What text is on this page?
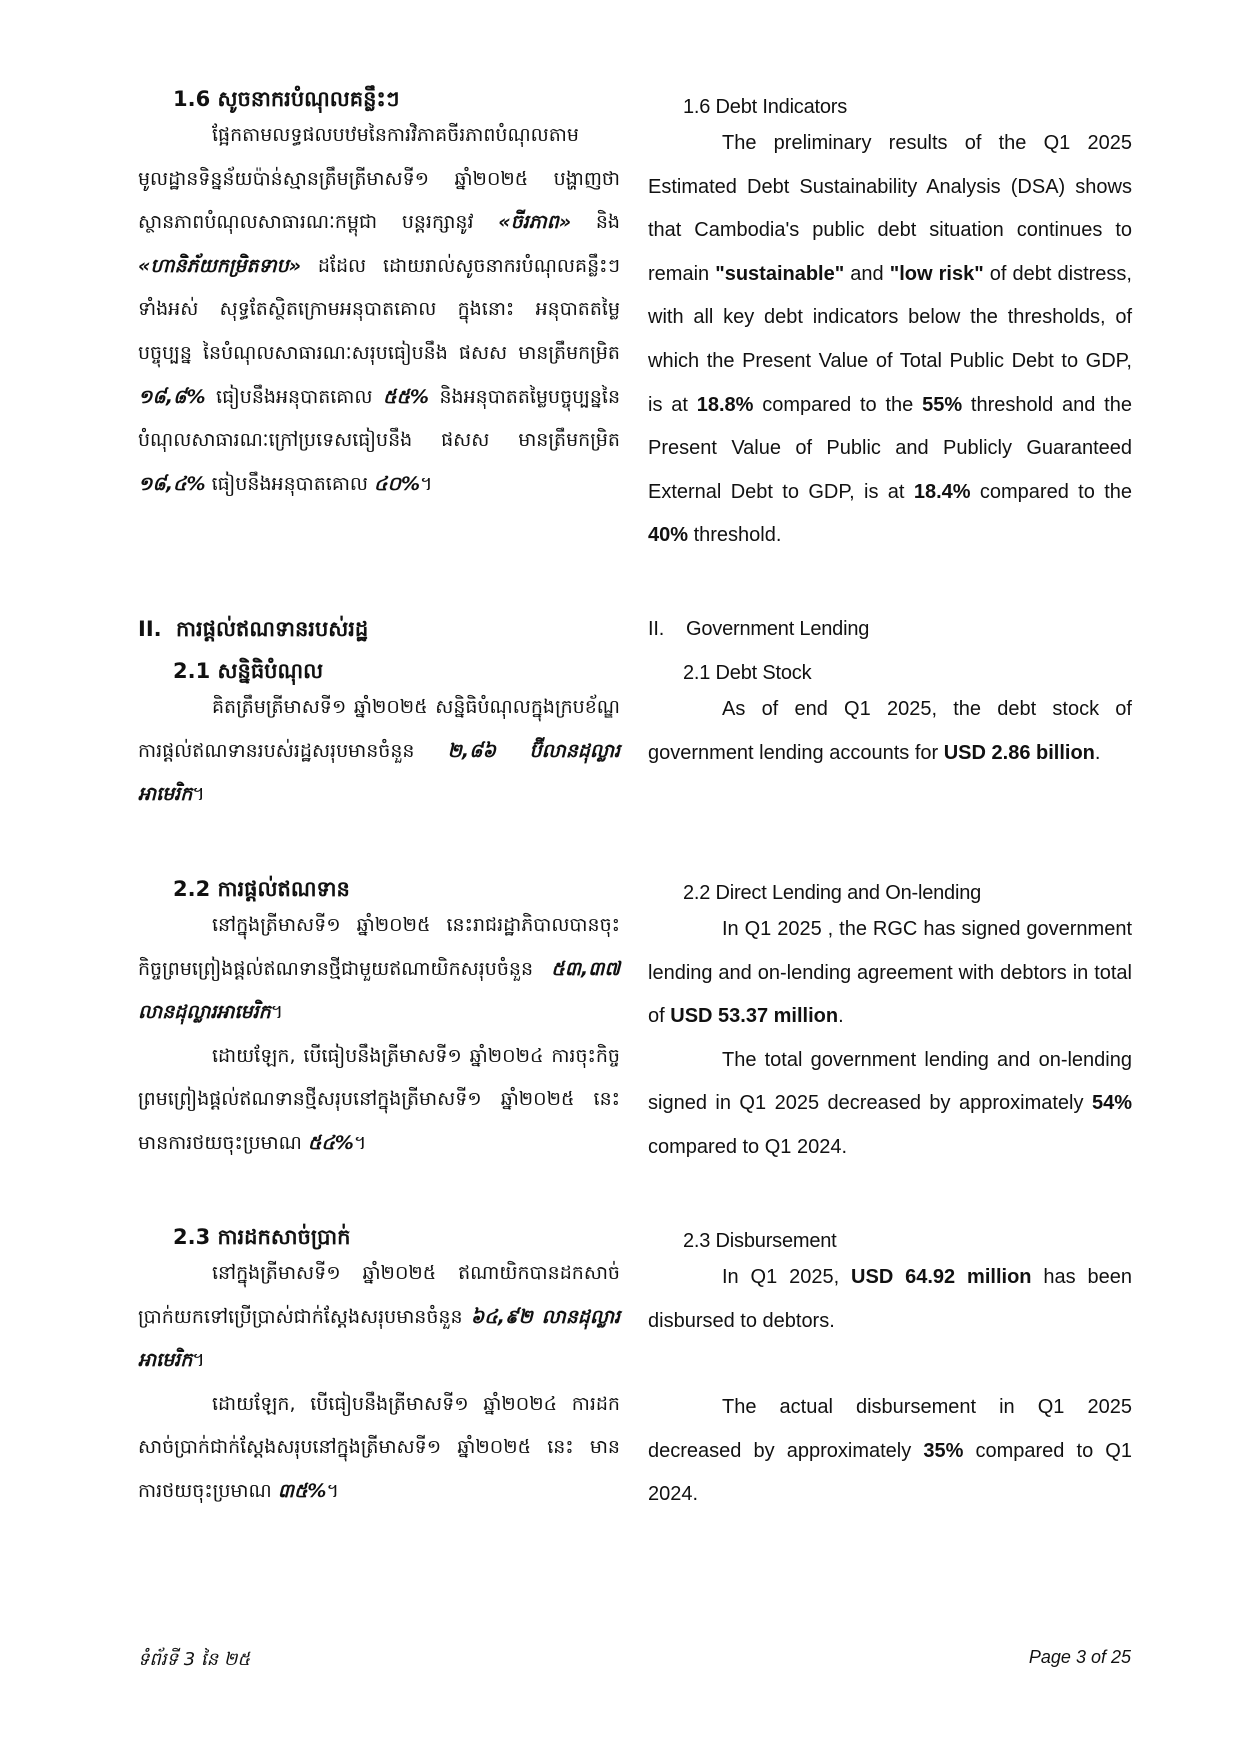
1.6 សូចនាករបំណុលគន្លឹះៗ

ផ្អែកតាមលទ្ធផលបឋមនៃការវិភាគចីរភាពបំណុលតាមមូលដ្ឋានទិន្នន័យប៉ាន់ស្មានត្រឹមត្រីមាសទី១ ឆ្នាំ២០២៥ បង្ហាញថា ស្ថានភាពបំណុលសាធារណៈកម្ពុជា បន្តរក្សានូវ «ចីរភាព» និង «ហានិភ័យកម្រិតទាប» ដដែល ដោយរាល់សូចនាករបំណុលគន្លឹះៗទាំងអស់ សុទ្ធតែស្ថិតក្រោមអនុបាតគោល ក្នុងនោះ អនុបាតតម្លៃបច្ចុប្បន្ន នៃបំណុលសាធារណៈសរុបធៀបនឹង ផសស មានត្រឹមកម្រិត ១៨,៨% ធៀបនឹងអនុបាតគោល ៥៥% និងអនុបាតតម្លៃបច្ចុប្បន្ននៃបំណុលសាធារណៈក្រៅប្រទេសធៀបនឹង ផសស មានត្រឹមកម្រិត ១៨,៤% ធៀបនឹងអនុបាតគោល ៤០%។

II. ការផ្តល់ឥណទានរបស់រដ្ឋ
2.1 សន្និធិបំណុល

គិតត្រឹមត្រីមាសទី១ ឆ្នាំ២០២៥ សន្និធិបំណុលក្នុងក្របខ័ណ្ឌការផ្តល់ឥណទានរបស់រដ្ឋសរុបមានចំនួន ២,៨៦ ប៊ីលានដុល្លារអាមេរិក។

2.2 ការផ្តល់ឥណទាន

នៅក្នុងត្រីមាសទី១ ឆ្នាំ២០២៥ នេះរាជរដ្ឋាភិបាលបានចុះកិច្ចព្រមព្រៀងផ្តល់ឥណទានថ្មីជាមួយឥណាយិកសរុបចំនួន ៥៣,៣៧ លានដុល្លារអាមេរិក។

ដោយឡែក, បើធៀបនឹងត្រីមាសទី១ ឆ្នាំ២០២៤ ការចុះកិច្ចព្រមព្រៀងផ្តល់ឥណទានថ្មីសរុបនៅក្នុងត្រីមាសទី១ ឆ្នាំ២០២៥ នេះ មានការថយចុះប្រមាណ ៥៤%។

2.3 ការដកសាច់ប្រាក់

នៅក្នុងត្រីមាសទី១ ឆ្នាំ២០២៥ ឥណាយិកបានដកសាច់ប្រាក់យកទៅប្រើប្រាស់ជាក់ស្តែងសរុបមានចំនួន ៦៤,៩២ លានដុល្លារអាមេរិក។

ដោយឡែក, បើធៀបនឹងត្រីមាសទី១ ឆ្នាំ២០២៤ ការដកសាច់ប្រាក់ជាក់ស្តែងសរុបនៅក្នុងត្រីមាសទី១ ឆ្នាំ២០២៥ នេះ មានការថយចុះប្រមាណ ៣៥%។

1.6 Debt Indicators

The preliminary results of the Q1 2025 Estimated Debt Sustainability Analysis (DSA) shows that Cambodia's public debt situation continues to remain "sustainable" and "low risk" of debt distress, with all key debt indicators below the thresholds, of which the Present Value of Total Public Debt to GDP, is at 18.8% compared to the 55% threshold and the Present Value of Public and Publicly Guaranteed External Debt to GDP, is at 18.4% compared to the 40% threshold.

II. Government Lending
2.1 Debt Stock

As of end Q1 2025, the debt stock of government lending accounts for USD 2.86 billion.

2.2 Direct Lending and On-lending

In Q1 2025 , the RGC has signed government lending and on-lending agreement with debtors in total of USD 53.37 million.

The total government lending and on-lending signed in Q1 2025 decreased by approximately 54% compared to Q1 2024.

2.3 Disbursement

In Q1 2025, USD 64.92 million has been disbursed to debtors.

The actual disbursement in Q1 2025 decreased by approximately 35% compared to Q1 2024.

ទំព័រទី 3 នៃ ២៥	Page 3 of 25
